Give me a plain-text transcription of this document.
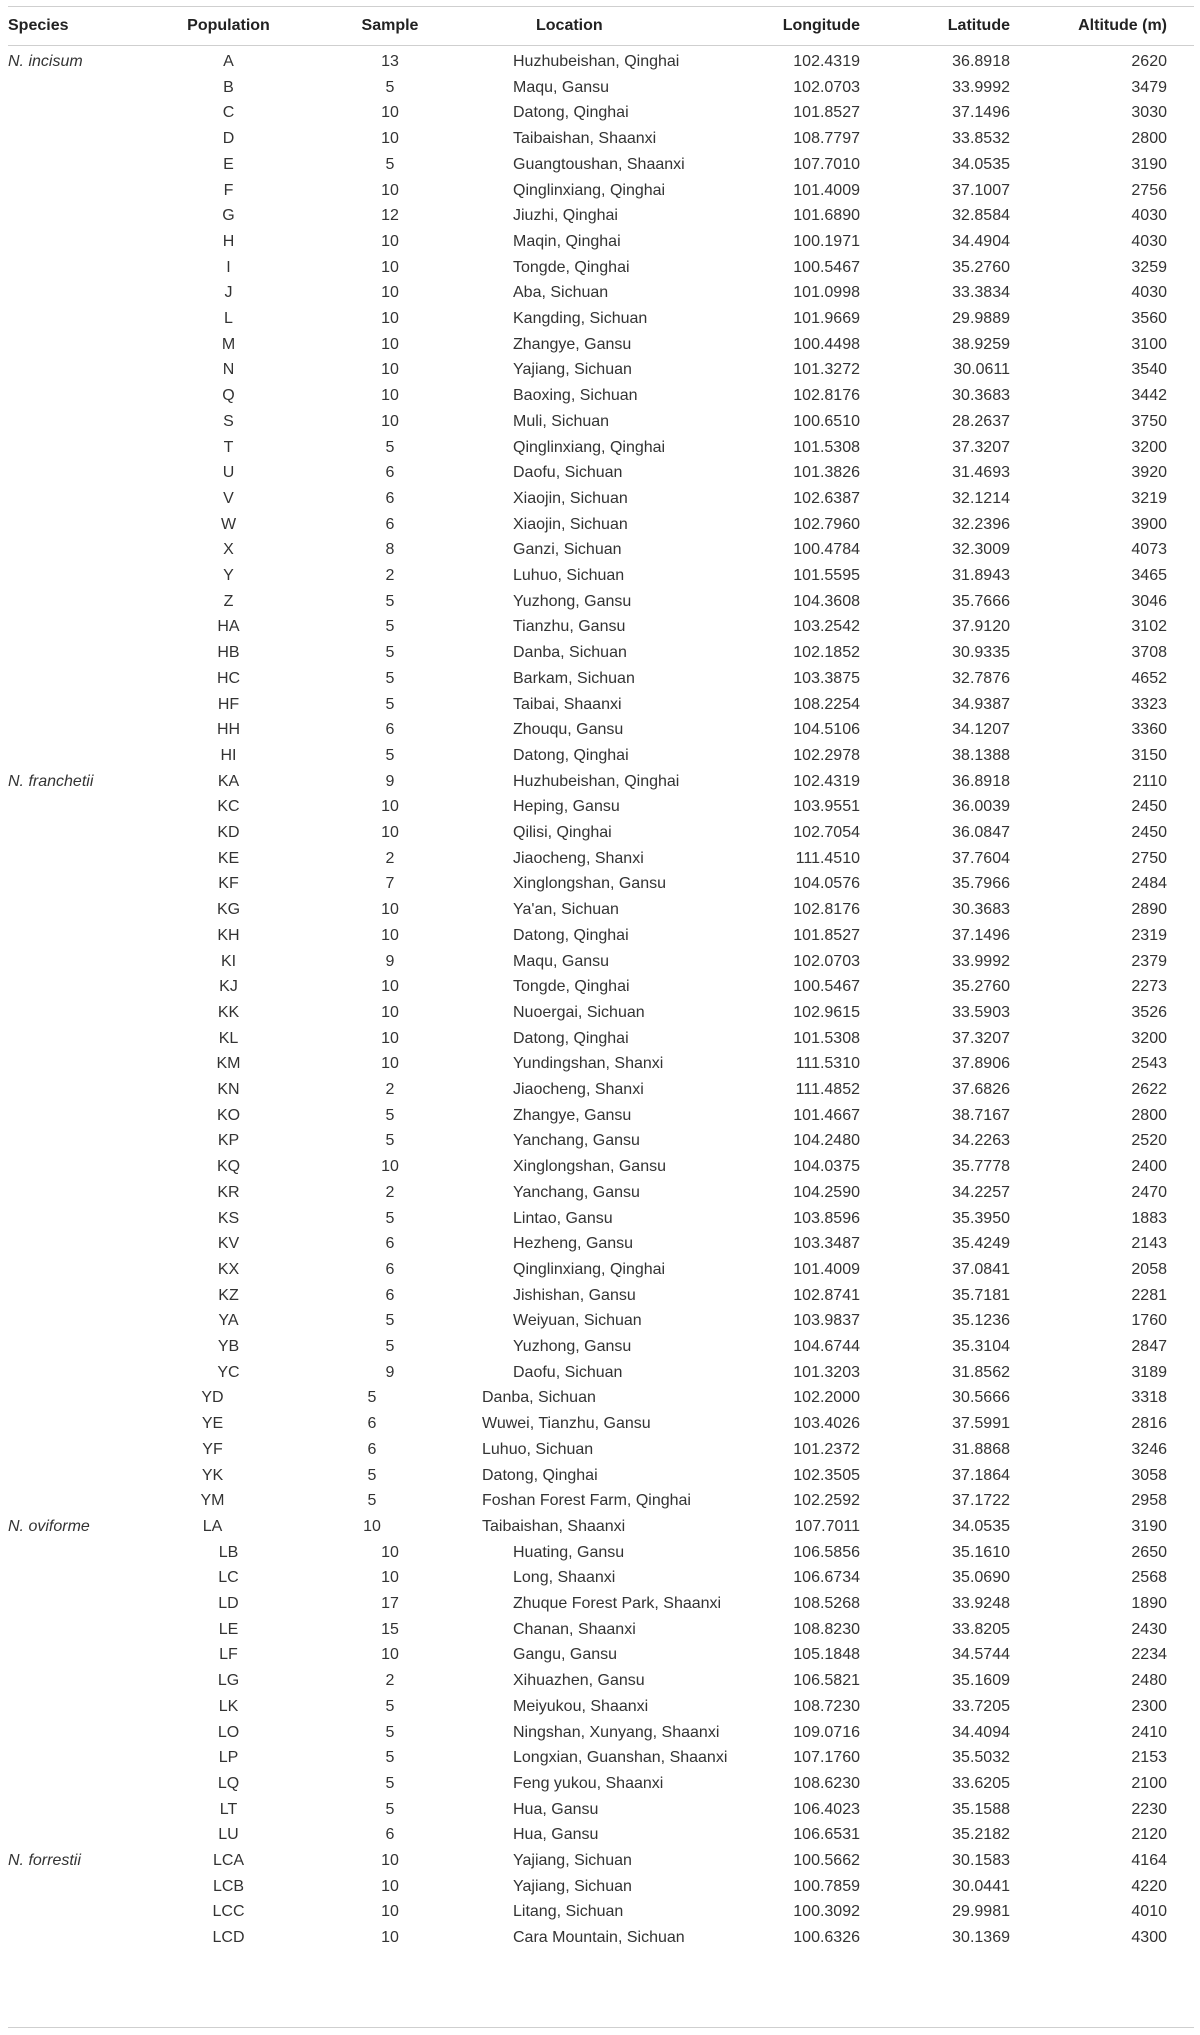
Species	Population	Sample	Location	Longitude	Latitude	Altitude (m)
N. incisum	A	13	Huzhubeishan, Qinghai	102.4319	36.8918	2620
B	5	Maqu, Gansu	102.0703	33.9992	3479
C	10	Datong, Qinghai	101.8527	37.1496	3030
D	10	Taibaishan, Shaanxi	108.7797	33.8532	2800
E	5	Guangtoushan, Shaanxi	107.7010	34.0535	3190
F	10	Qinglinxiang, Qinghai	101.4009	37.1007	2756
G	12	Jiuzhi, Qinghai	101.6890	32.8584	4030
H	10	Maqin, Qinghai	100.1971	34.4904	4030
I	10	Tongde, Qinghai	100.5467	35.2760	3259
J	10	Aba, Sichuan	101.0998	33.3834	4030
L	10	Kangding, Sichuan	101.9669	29.9889	3560
M	10	Zhangye, Gansu	100.4498	38.9259	3100
N	10	Yajiang, Sichuan	101.3272	30.0611	3540
Q	10	Baoxing, Sichuan	102.8176	30.3683	3442
S	10	Muli, Sichuan	100.6510	28.2637	3750
T	5	Qinglinxiang, Qinghai	101.5308	37.3207	3200
U	6	Daofu, Sichuan	101.3826	31.4693	3920
V	6	Xiaojin, Sichuan	102.6387	32.1214	3219
W	6	Xiaojin, Sichuan	102.7960	32.2396	3900
X	8	Ganzi, Sichuan	100.4784	32.3009	4073
Y	2	Luhuo, Sichuan	101.5595	31.8943	3465
Z	5	Yuzhong, Gansu	104.3608	35.7666	3046
HA	5	Tianzhu, Gansu	103.2542	37.9120	3102
HB	5	Danba, Sichuan	102.1852	30.9335	3708
HC	5	Barkam, Sichuan	103.3875	32.7876	4652
HF	5	Taibai, Shaanxi	108.2254	34.9387	3323
HH	6	Zhouqu, Gansu	104.5106	34.1207	3360
HI	5	Datong, Qinghai	102.2978	38.1388	3150
N. franchetii	KA	9	Huzhubeishan, Qinghai	102.4319	36.8918	2110
KC	10	Heping, Gansu	103.9551	36.0039	2450
KD	10	Qilisi, Qinghai	102.7054	36.0847	2450
KE	2	Jiaocheng, Shanxi	111.4510	37.7604	2750
KF	7	Xinglongshan, Gansu	104.0576	35.7966	2484
KG	10	Ya'an, Sichuan	102.8176	30.3683	2890
KH	10	Datong, Qinghai	101.8527	37.1496	2319
KI	9	Maqu, Gansu	102.0703	33.9992	2379
KJ	10	Tongde, Qinghai	100.5467	35.2760	2273
KK	10	Nuoergai, Sichuan	102.9615	33.5903	3526
KL	10	Datong, Qinghai	101.5308	37.3207	3200
KM	10	Yundingshan, Shanxi	111.5310	37.8906	2543
KN	2	Jiaocheng, Shanxi	111.4852	37.6826	2622
KO	5	Zhangye, Gansu	101.4667	38.7167	2800
KP	5	Yanchang, Gansu	104.2480	34.2263	2520
KQ	10	Xinglongshan, Gansu	104.0375	35.7778	2400
KR	2	Yanchang, Gansu	104.2590	34.2257	2470
KS	5	Lintao, Gansu	103.8596	35.3950	1883
KV	6	Hezheng, Gansu	103.3487	35.4249	2143
KX	6	Qinglinxiang, Qinghai	101.4009	37.0841	2058
KZ	6	Jishishan, Gansu	102.8741	35.7181	2281
YA	5	Weiyuan, Sichuan	103.9837	35.1236	1760
YB	5	Yuzhong, Gansu	104.6744	35.3104	2847
YC	9	Daofu, Sichuan	101.3203	31.8562	3189
YD	5	Danba, Sichuan	102.2000	30.5666	3318
YE	6	Wuwei, Tianzhu, Gansu	103.4026	37.5991	2816
YF	6	Luhuo, Sichuan	101.2372	31.8868	3246
YK	5	Datong, Qinghai	102.3505	37.1864	3058
YM	5	Foshan Forest Farm, Qinghai	102.2592	37.1722	2958
N. oviforme	LA	10	Taibaishan, Shaanxi	107.7011	34.0535	3190
LB	10	Huating, Gansu	106.5856	35.1610	2650
LC	10	Long, Shaanxi	106.6734	35.0690	2568
LD	17	Zhuque Forest Park, Shaanxi	108.5268	33.9248	1890
LE	15	Chanan, Shaanxi	108.8230	33.8205	2430
LF	10	Gangu, Gansu	105.1848	34.5744	2234
LG	2	Xihuazhen, Gansu	106.5821	35.1609	2480
LK	5	Meiyukou, Shaanxi	108.7230	33.7205	2300
LO	5	Ningshan, Xunyang, Shaanxi	109.0716	34.4094	2410
LP	5	Longxian, Guanshan, Shaanxi	107.1760	35.5032	2153
LQ	5	Feng yukou, Shaanxi	108.6230	33.6205	2100
LT	5	Hua, Gansu	106.4023	35.1588	2230
LU	6	Hua, Gansu	106.6531	35.2182	2120
N. forrestii	LCA	10	Yajiang, Sichuan	100.5662	30.1583	4164
LCB	10	Yajiang, Sichuan	100.7859	30.0441	4220
LCC	10	Litang, Sichuan	100.3092	29.9981	4010
LCD	10	Cara Mountain, Sichuan	100.6326	30.1369	4300
